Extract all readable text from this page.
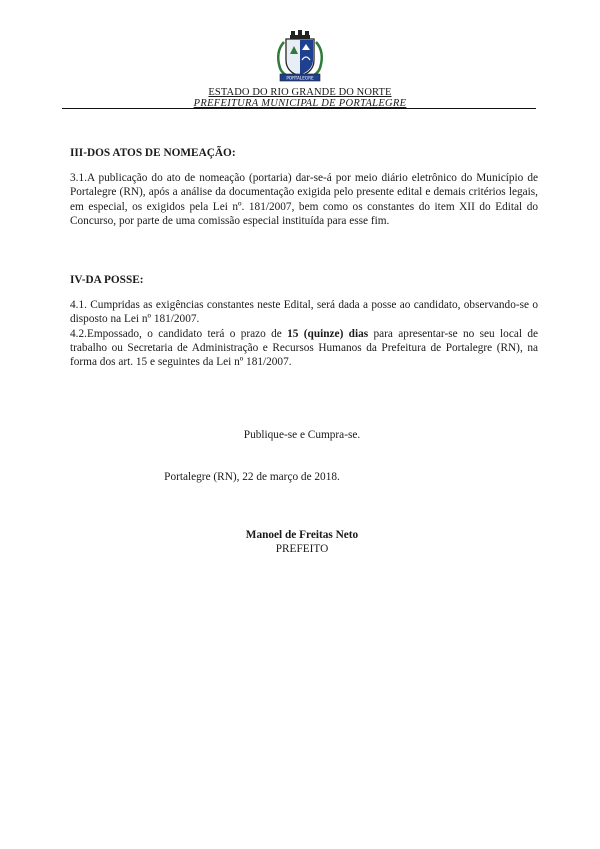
PORTALEGRE
ESTADO DO RIO GRANDE DO NORTE
PREFEITURA MUNICIPAL DE PORTALEGRE

III-DOS ATOS DE NOMEAÇÃO:

3.1.A publicação do ato de nomeação (portaria) dar-se-á por meio diário eletrônico do Município de Portalegre (RN), após a análise da documentação exigida pelo presente edital e demais critérios legais, em especial, os exigidos pela Lei nº. 181/2007, bem como os constantes do item XII do Edital do Concurso, por parte de uma comissão especial instituída para esse fim.

IV-DA POSSE:

4.1. Cumpridas as exigências constantes neste Edital, será dada a posse ao candidato, observando-se o disposto na Lei nº 181/2007.

4.2.Empossado, o candidato terá o prazo de 15 (quinze) dias para apresentar-se no seu local de trabalho ou Secretaria de Administração e Recursos Humanos da Prefeitura de Portalegre (RN), na forma dos art. 15 e seguintes da Lei nº 181/2007.

Publique-se e Cumpra-se.
Portalegre (RN), 22 de março de 2018.
Manoel de Freitas Neto
PREFEITO
